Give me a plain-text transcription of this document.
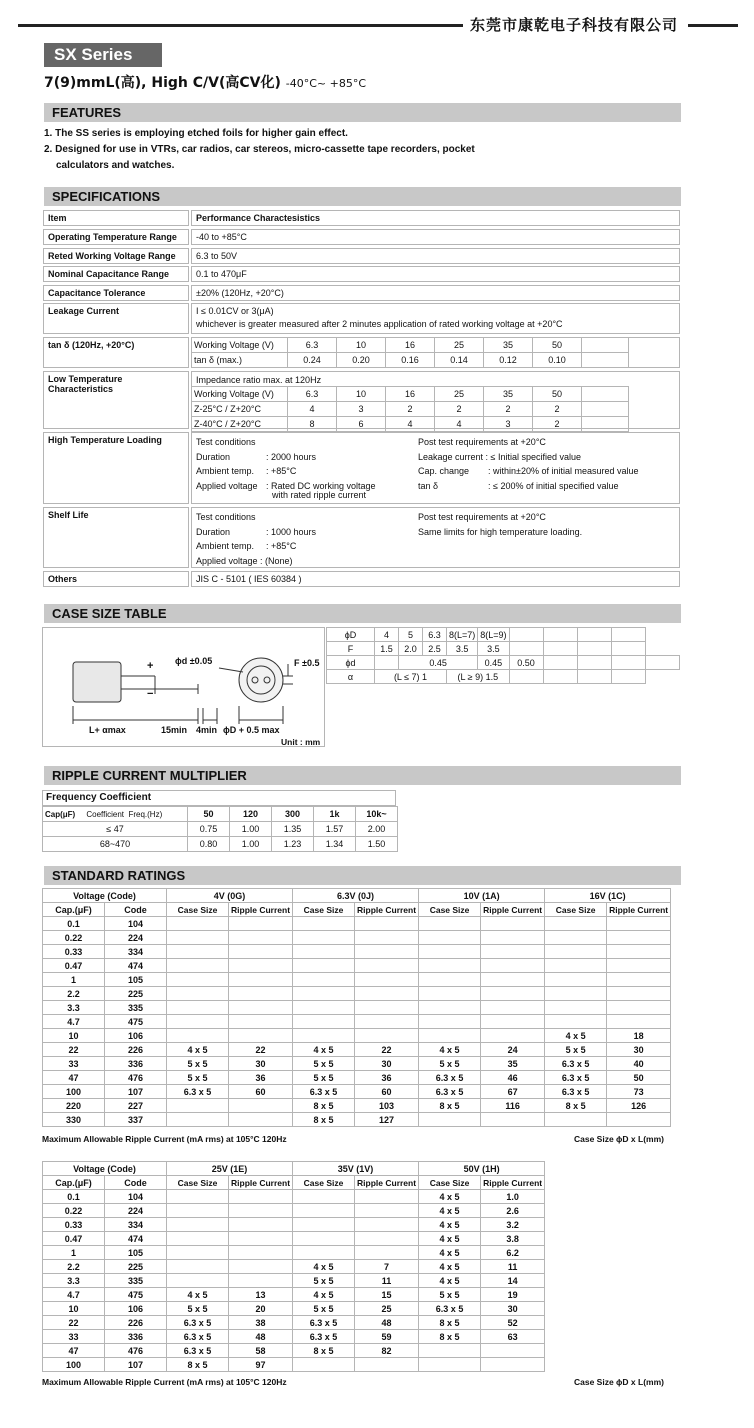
东莞市康乾电子科技有限公司
SX Series
7(9)mmL(高), High C/V(高CV化) -40°C~ +85°C
FEATURES
1. The SS series is employing etched foils for higher gain effect.
2. Designed for use in VTRs, car radios, car stereos, micro-cassette tape recorders, pocket
calculators and watches.
SPECIFICATIONS
Item	Performance Charactesistics
Operating Temperature Range	-40 to +85°C
Reted Working Voltage Range	6.3 to 50V
Nominal Capacitance Range	0.1 to 470μF
Capacitance Tolerance	±20% (120Hz, +20°C)
Leakage Current	I ≤ 0.01CV or 3(μA)
whichever is greater measured after 2 minutes application of rated working voltage at +20°C
tan δ (120Hz, +20°C)	Working Voltage (V)	6.3	10	16	25	35	50	
tan δ (max.)	0.24	0.20	0.16	0.14	0.12	0.10	
Low Temperature Characteristics
Impedance ratio max. at 120Hz
Working Voltage (V)	6.3	10	16	25	35	50	
Z-25°C / Z+20°C	4	3	2	2	2	2	
Z-40°C / Z+20°C	8	6	4	4	3	2	
High Temperature Loading	Test conditions
Duration	: 2000 hours
Ambient temp. : +85°C
Applied voltage : Rated DC working voltage
with rated ripple current
Post test requirements at +20°C
Leakage current : ≤ Initial specified value
Cap. change : within±20% of initial measured value
tan δ	: ≤ 200% of initial specified value
Shelf Life	Test conditions
Duration	: 1000 hours
Ambient temp. : +85°C
Applied voltage : (None)
Post test requirements at +20°C
Same limits for high temperature loading.
Others	JIS C - 5101 ( IES 60384 )
CASE SIZE TABLE
ϕd ±0.05	F ±0.5
+
−
L+ αmax	15min 4min ϕD + 0.5 max
Unit : mm
ϕD	4	5	6.3	8(L=7)	8(L=9)					
F	1.5	2.0	2.5	3.5	3.5					
ϕd		0.45			0.45	0.50				
α	(L ≤ 7) 1			(L ≥ 9) 1.5						
RIPPLE CURRENT MULTIPLIER
Frequency Coefficient
Cap(μF) Coefficient Freq.(Hz)	50	120	300	1k	10k~
≤ 47	0.75	1.00	1.35	1.57	2.00
68~470	0.80	1.00	1.23	1.34	1.50
STANDARD RATINGS
Voltage (Code)		4V (0G)		6.3V (0J)		10V (1A)		16V (1C)	
Cap.(μF)	Code	Case Size	Ripple Current	Case Size	Ripple Current	Case Size	Ripple Current	Case Size	Ripple Current
0.1	104								
0.22	224								
0.33	334								
0.47	474								
1	105								
2.2	225								
3.3	335								
4.7	475								
10	106							4 x 5	18
22	226	4 x 5	22	4 x 5	22	4 x 5	24	5 x 5	30
33	336	5 x 5	30	5 x 5	30	5 x 5	35	6.3 x 5	40
47	476	5 x 5	36	5 x 5	36	6.3 x 5	46	6.3 x 5	50
100	107	6.3 x 5	60	6.3 x 5	60	6.3 x 5	67	6.3 x 5	73
220	227			8 x 5	103	8 x 5	116	8 x 5	126
330	337			8 x 5	127				
Maximum Allowable Ripple Current (mA rms) at 105°C 120Hz	Case Size ϕD x L(mm)
Voltage (Code)		25V (1E)		35V (1V)		50V (1H)	
Cap.(μF)	Code	Case Size	Ripple Current	Case Size	Ripple Current	Case Size	Ripple Current
0.1	104					4 x 5	1.0
0.22	224					4 x 5	2.6
0.33	334					4 x 5	3.2
0.47	474					4 x 5	3.8
1	105					4 x 5	6.2
2.2	225			4 x 5	7	4 x 5	11
3.3	335			5 x 5	11	4 x 5	14
4.7	475	4 x 5	13	4 x 5	15	5 x 5	19
10	106	5 x 5	20	5 x 5	25	6.3 x 5	30
22	226	6.3 x 5	38	6.3 x 5	48	8 x 5	52
33	336	6.3 x 5	48	6.3 x 5	59	8 x 5	63
47	476	6.3 x 5	58	8 x 5	82		
100	107	8 x 5	97				
Maximum Allowable Ripple Current (mA rms) at 105°C 120Hz	Case Size ϕD x L(mm)
